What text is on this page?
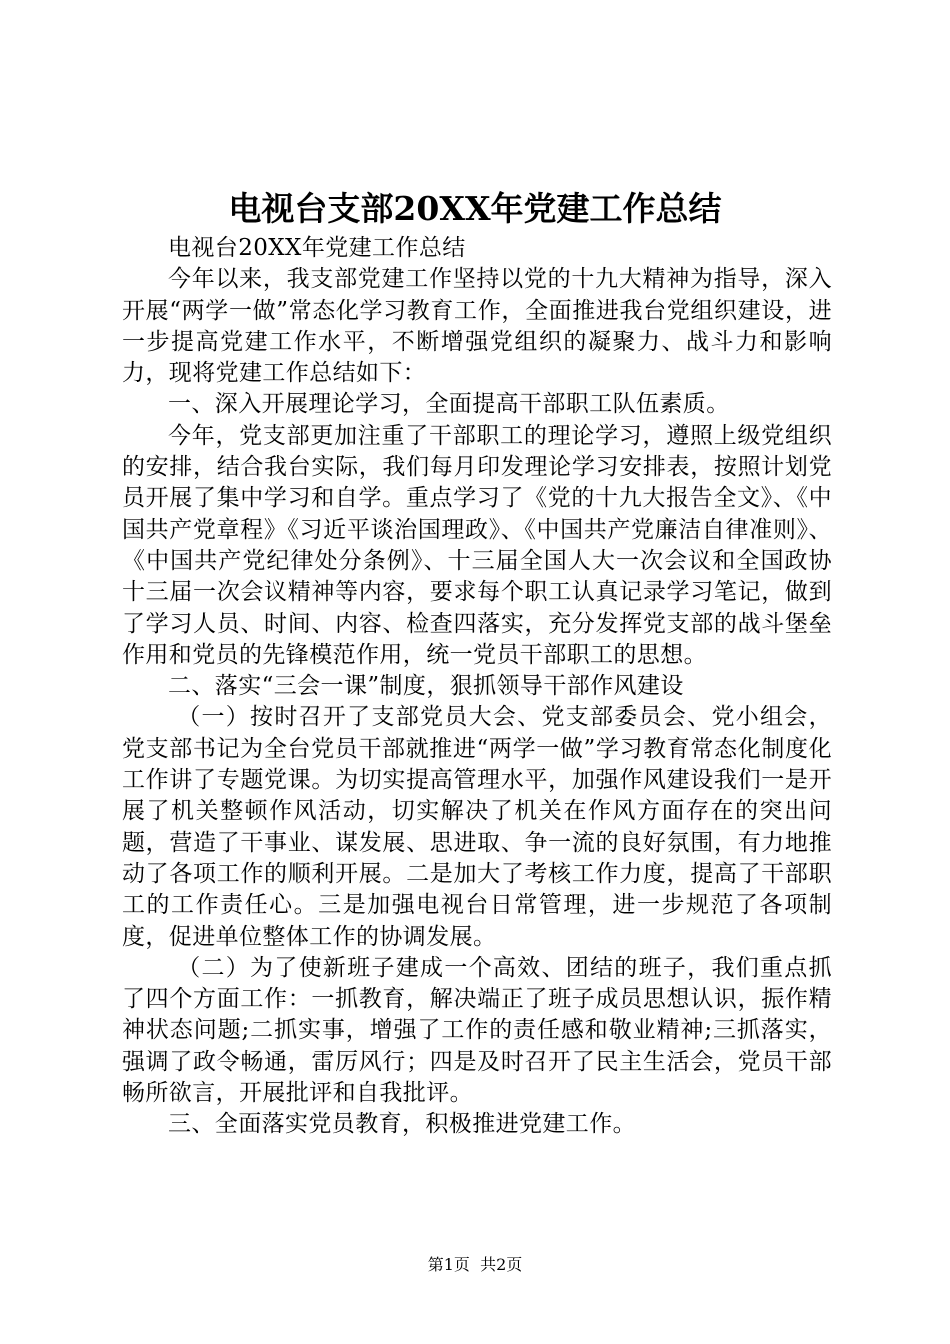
电视台支部20XX年党建工作总结

电视台20XX年党建工作总结

今年以来，我支部党建工作坚持以党的十九大精神为指导，深入开展“两学一做”常态化学习教育工作，全面推进我台党组织建设，进一步提高党建工作水平，不断增强党组织的凝聚力、战斗力和影响力，现将党建工作总结如下：

一、深入开展理论学习，全面提高干部职工队伍素质。

今年，党支部更加注重了干部职工的理论学习，遵照上级党组织的安排，结合我台实际，我们每月印发理论学习安排表，按照计划党员开展了集中学习和自学。重点学习了《党的十九大报告全文》、《中国共产党章程》《习近平谈治国理政》、《中国共产党廉洁自律准则》、《中国共产党纪律处分条例》、十三届全国人大一次会议和全国政协十三届一次会议精神等内容，要求每个职工认真记录学习笔记，做到了学习人员、时间、内容、检查四落实，充分发挥党支部的战斗堡垒作用和党员的先锋模范作用，统一党员干部职工的思想。

二、落实“三会一课”制度，狠抓领导干部作风建设

（一）按时召开了支部党员大会、党支部委员会、党小组会，党支部书记为全台党员干部就推进“两学一做”学习教育常态化制度化工作讲了专题党课。为切实提高管理水平，加强作风建设我们一是开展了机关整顿作风活动，切实解决了机关在作风方面存在的突出问题，营造了干事业、谋发展、思进取、争一流的良好氛围，有力地推动了各项工作的顺利开展。二是加大了考核工作力度，提高了干部职工的工作责任心。三是加强电视台日常管理，进一步规范了各项制度，促进单位整体工作的协调发展。

（二）为了使新班子建成一个高效、团结的班子，我们重点抓了四个方面工作：一抓教育，解决端正了班子成员思想认识，振作精神状态问题;二抓实事，增强了工作的责任感和敬业精神;三抓落实，强调了政令畅通，雷厉风行；四是及时召开了民主生活会，党员干部畅所欲言，开展批评和自我批评。

三、全面落实党员教育，积极推进党建工作。

第1页 共2页
